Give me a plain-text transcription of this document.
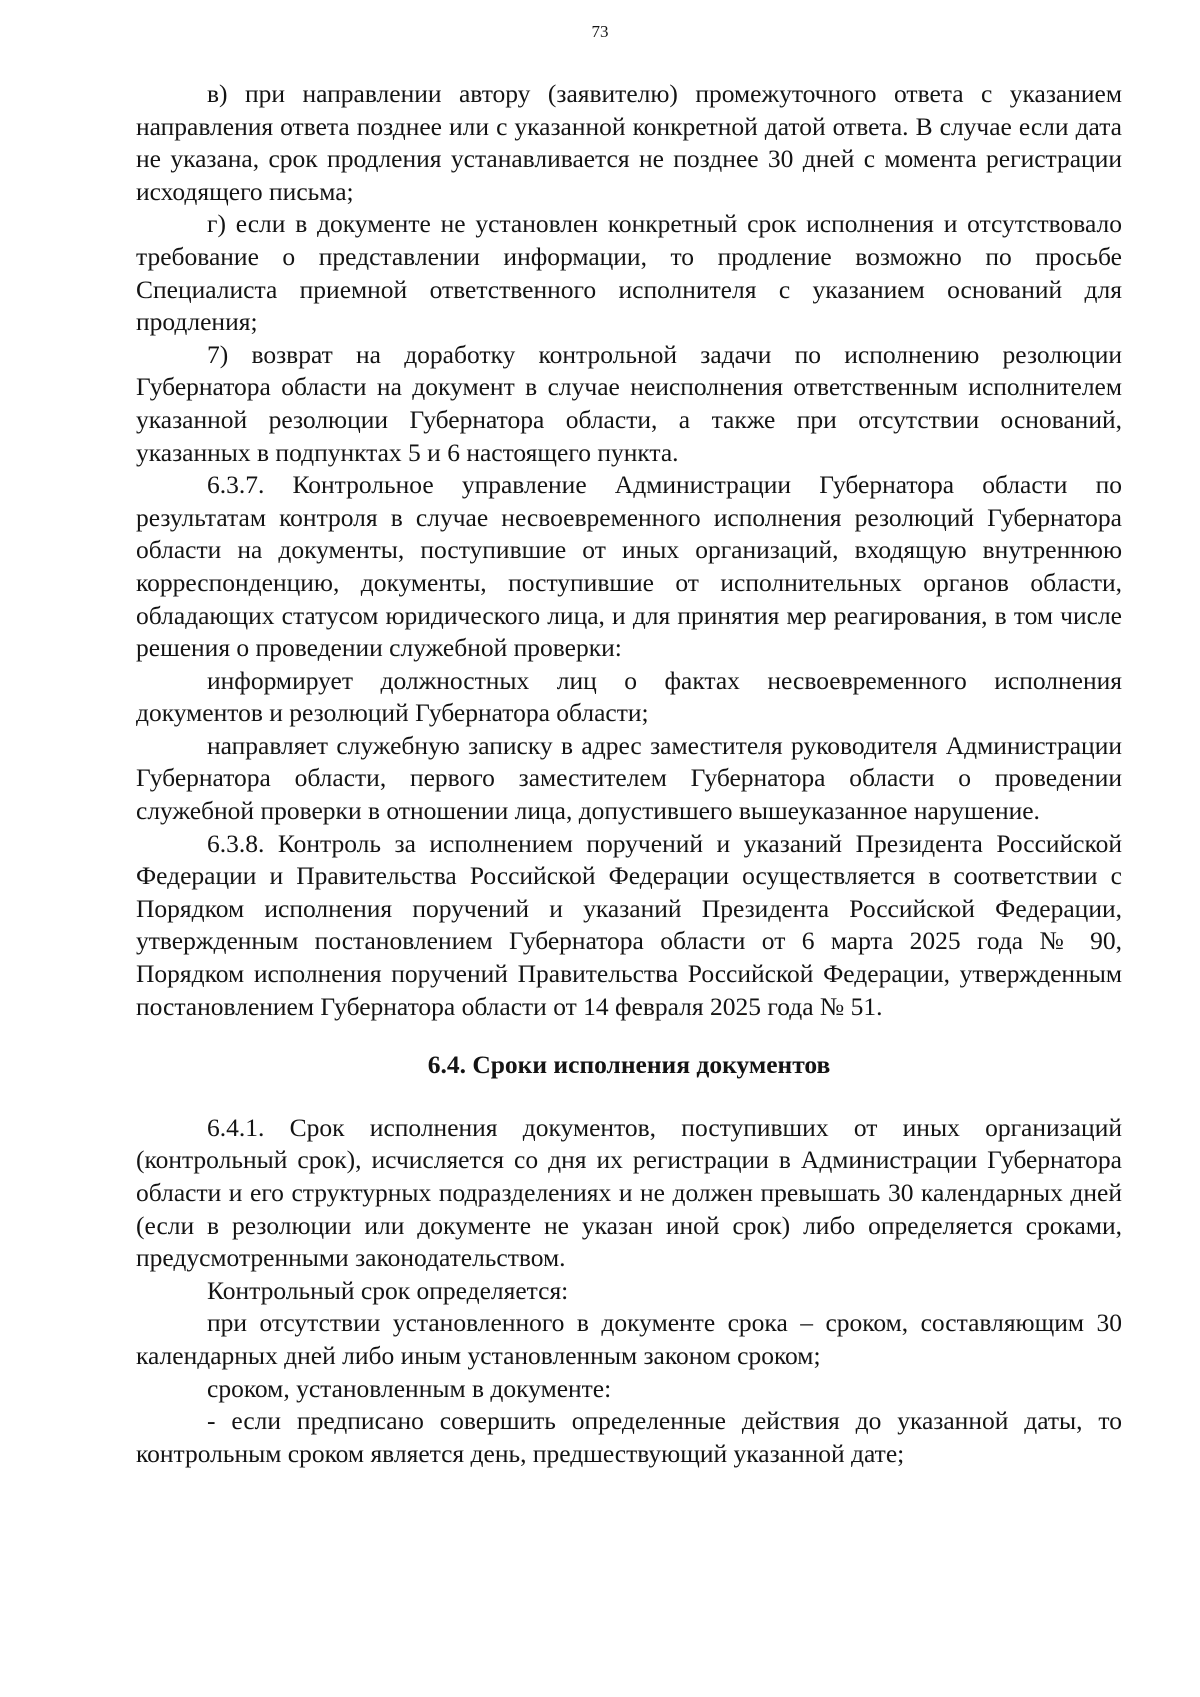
73

в) при направлении автору (заявителю) промежуточного ответа с указанием направления ответа позднее или с указанной конкретной датой ответа. В случае если дата не указана, срок продления устанавливается не позднее 30 дней с момента регистрации исходящего письма;

г) если в документе не установлен конкретный срок исполнения и отсутствовало требование о представлении информации, то продление возможно по просьбе Специалиста приемной ответственного исполнителя с указанием оснований для продления;

7) возврат на доработку контрольной задачи по исполнению резолюции Губернатора области на документ в случае неисполнения ответственным исполнителем указанной резолюции Губернатора области, а также при отсутствии оснований, указанных в подпунктах 5 и 6 настоящего пункта.

6.3.7. Контрольное управление Администрации Губернатора области по результатам контроля в случае несвоевременного исполнения резолюций Губернатора области на документы, поступившие от иных организаций, входящую внутреннюю корреспонденцию, документы, поступившие от исполнительных органов области, обладающих статусом юридического лица, и для принятия мер реагирования, в том числе решения о проведении служебной проверки:

информирует должностных лиц о фактах несвоевременного исполнения документов и резолюций Губернатора области;

направляет служебную записку в адрес заместителя руководителя Администрации Губернатора области, первого заместителем Губернатора области о проведении служебной проверки в отношении лица, допустившего вышеуказанное нарушение.

6.3.8. Контроль за исполнением поручений и указаний Президента Российской Федерации и Правительства Российской Федерации осуществляется в соответствии с Порядком исполнения поручений и указаний Президента Российской Федерации, утвержденным постановлением Губернатора области от 6 марта 2025 года № 90, Порядком исполнения поручений Правительства Российской Федерации, утвержденным постановлением Губернатора области от 14 февраля 2025 года № 51.

6.4. Сроки исполнения документов

6.4.1. Срок исполнения документов, поступивших от иных организаций (контрольный срок), исчисляется со дня их регистрации в Администрации Губернатора области и его структурных подразделениях и не должен превышать 30 календарных дней (если в резолюции или документе не указан иной срок) либо определяется сроками, предусмотренными законодательством.

Контрольный срок определяется:

при отсутствии установленного в документе срока – сроком, составляющим 30 календарных дней либо иным установленным законом сроком;

сроком, установленным в документе:

- если предписано совершить определенные действия до указанной даты, то контрольным сроком является день, предшествующий указанной дате;
